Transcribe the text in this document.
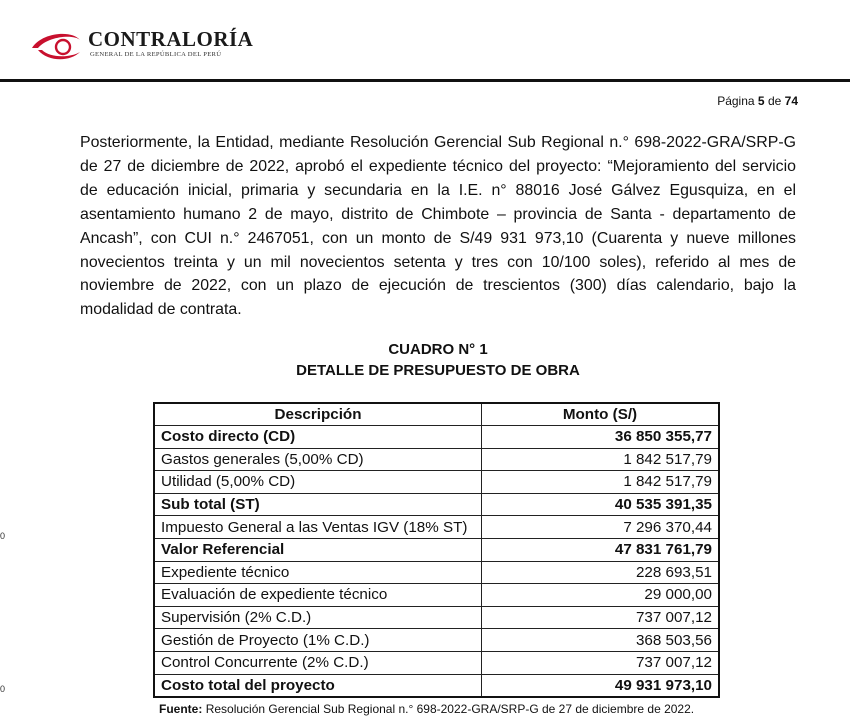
CONTRALORÍA
GENERAL DE LA REPÚBLICA DEL PERÚ
Página 5 de 74
Posteriormente, la Entidad, mediante Resolución Gerencial Sub Regional n.° 698-2022-GRA/SRP-G de 27 de diciembre de 2022, aprobó el expediente técnico del proyecto: “Mejoramiento del servicio de educación inicial, primaria y secundaria en la I.E. n° 88016 José Gálvez Egusquiza, en el asentamiento humano 2 de mayo, distrito de Chimbote – provincia de Santa - departamento de Ancash”, con CUI n.° 2467051, con un monto de S/49 931 973,10 (Cuarenta y nueve millones novecientos treinta y un mil novecientos setenta y tres con 10/100 soles), referido al mes de noviembre de 2022, con un plazo de ejecución de trescientos (300) días calendario, bajo la modalidad de contrata.
CUADRO N° 1
DETALLE DE PRESUPUESTO DE OBRA
Descripción	Monto (S/)
Costo directo (CD)	36 850 355,77
Gastos generales (5,00% CD)	1 842 517,79
Utilidad (5,00% CD)	1 842 517,79
Sub total (ST)	40 535 391,35
Impuesto General a las Ventas IGV (18% ST)	7 296 370,44
Valor Referencial	47 831 761,79
Expediente técnico	228 693,51
Evaluación de expediente técnico	29 000,00
Supervisión (2% C.D.)	737 007,12
Gestión de Proyecto (1% C.D.)	368 503,56
Control Concurrente (2% C.D.)	737 007,12
Costo total del proyecto	49 931 973,10
Fuente: Resolución Gerencial Sub Regional n.° 698-2022-GRA/SRP-G de 27 de diciembre de 2022.
0
0
